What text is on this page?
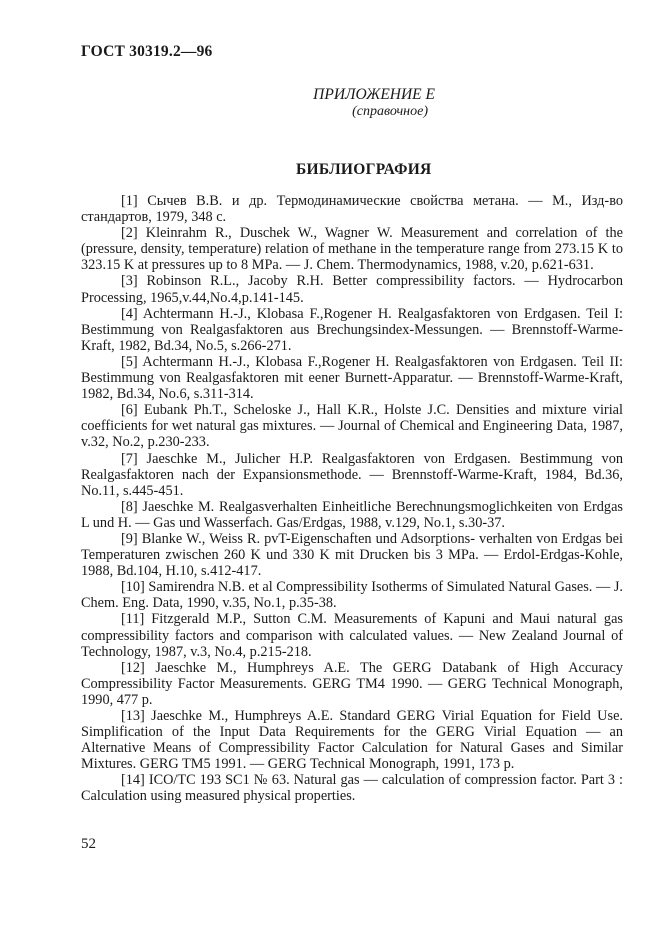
ГОСТ 30319.2—96
ПРИЛОЖЕНИЕ Е
(справочное)
БИБЛИОГРАФИЯ

[1] Сычев В.В. и др. Термодинамические свойства метана. — М., Изд-во стандартов, 1979, 348 с.

[2] Kleinrahm R., Duschek W., Wagner W. Measurement and correlation of the (pressure, density, temperature) relation of methane in the temperature range from 273.15 K to 323.15 K at pressures up to 8 MPa. — J. Chem. Thermodynamics, 1988, v.20, p.621-631.

[3] Robinson R.L., Jacoby R.H. Better compressibility factors. — Hydrocarbon Processing, 1965,v.44,No.4,p.141-145.

[4] Achtermann H.-J., Klobasa F.,Rogener H. Realgasfaktoren von Erdgasen. Teil I: Bestimmung von Realgasfaktoren aus Brechungsindex-Messungen. — Brennstoff-Warme-Kraft, 1982, Bd.34, No.5, s.266-271.

[5] Achtermann H.-J., Klobasa F.,Rogener H. Realgasfaktoren von Erdgasen. Teil II: Bestimmung von Realgasfaktoren mit eener Burnett-Apparatur. — Brennstoff-Warme-Kraft, 1982, Bd.34, No.6, s.311-314.

[6] Eubank Ph.T., Scheloske J., Hall K.R., Holste J.C. Densities and mixture virial coefficients for wet natural gas mixtures. — Journal of Chemical and Engineering Data, 1987, v.32, No.2, p.230-233.

[7] Jaeschke M., Julicher H.P. Realgasfaktoren von Erdgasen. Bestimmung von Realgasfaktoren nach der Expansionsmethode. — Brennstoff-Warme-Kraft, 1984, Bd.36, No.11, s.445-451.

[8] Jaeschke M. Realgasverhalten Einheitliche Berechnungsmoglichkeiten von Erdgas L und H. — Gas und Wasserfach. Gas/Erdgas, 1988, v.129, No.1, s.30-37.

[9] Blanke W., Weiss R. pvT-Eigenschaften und Adsorptions- verhalten von Erdgas bei Temperaturen zwischen 260 K und 330 K mit Drucken bis 3 MPa. — Erdol-Erdgas-Kohle, 1988, Bd.104, H.10, s.412-417.

[10] Samirendra N.B. et al Compressibility Isotherms of Simulated Natural Gases. — J. Chem. Eng. Data, 1990, v.35, No.1, p.35-38.

[11] Fitzgerald M.P., Sutton C.M. Measurements of Kapuni and Maui natural gas compressibility factors and comparison with calculated values. — New Zealand Journal of Technology, 1987, v.3, No.4, p.215-218.

[12] Jaeschke M., Humphreys A.E. The GERG Databank of High Accuracy Compressibility Factor Measurements. GERG TM4 1990. — GERG Technical Monograph, 1990, 477 p.

[13] Jaeschke M., Humphreys A.E. Standard GERG Virial Equation for Field Use. Simplification of the Input Data Requirements for the GERG Virial Equation — an Alternative Means of Compressibility Factor Calculation for Natural Gases and Similar Mixtures. GERG TM5 1991. — GERG Technical Monograph, 1991, 173 p.

[14] ICO/TC 193 SC1 № 63. Natural gas — calculation of compression factor. Part 3 : Calculation using measured physical properties.

52
